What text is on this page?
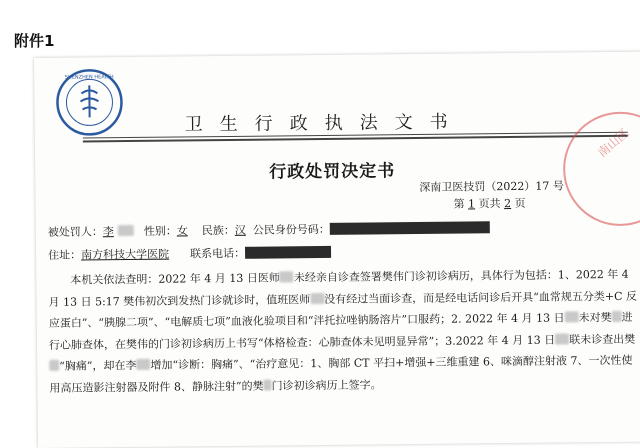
附件1
SHENZHEN HEALTH
卫生行政执法文书
行政处罚决定书
深南卫医技罚（2022）17 号
第 1 页共 2 页
被处罚人：李	性别：女 民族：汉 公民身份号码：
住址：南方科技大学医院 联系电话：
本机关依法查明：2022 年 4 月 13 日医师 未经亲自诊查签署樊伟门诊初诊病历，具体行为包括：1、2022 年 4 月 13 日 5:17 樊伟初次到发热门诊就诊时，值班医师 没有经过当面诊查，而是经电话问诊后开具“血常规五分类+C 反应蛋白”、“胰腺二项”、“电解质七项”血液化验项目和“泮托拉唑钠肠溶片”口服药；2. 2022 年 4 月 13 日 未对樊 进行心肺查体，在樊伟的门诊初诊病历上书写“体格检查：心肺查体未见明显异常”；3.2022 年 4 月 13 日 联未诊查出樊“胸痛”，却在李 增加“诊断：胸痛”、“治疗意见：1、胸部 CT 平扫+增强+三维重建 6、咪滴醇注射液 7、一次性使用高压造影注射器及附件 8、静脉注射”的樊 门诊初诊病历上签字。
南山区
